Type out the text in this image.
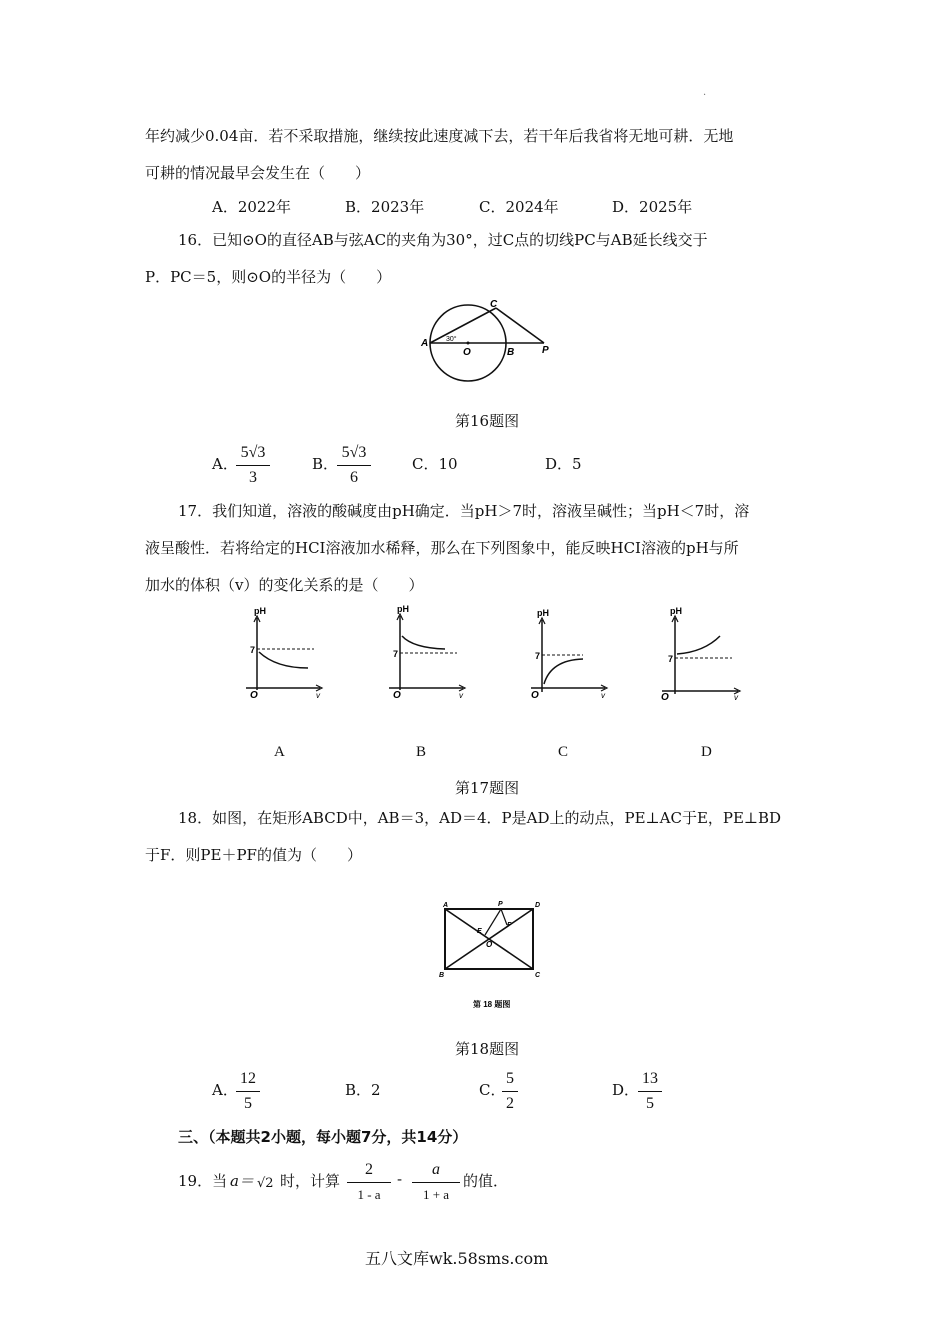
·
年约减少0.04亩．若不采取措施，继续按此速度减下去，若干年后我省将无地可耕．无地
可耕的情况最早会发生在（　　）
A．2022年	B．2023年	C．2024年	D．2025年
16．已知⊙O的直径AB与弦AC的夹角为30°，过C点的切线PC与AB延长线交于
P．PC＝5，则⊙O的半径为（　　）
A
C
O	B	P
30°
第16题图
A．
5√3
3
B．
5√3
6
C．10	D．5
17．我们知道，溶液的酸碱度由pH确定．当pH＞7时，溶液呈碱性；当pH＜7时，溶
液呈酸性．若将给定的HCI溶液加水稀释，那么在下列图象中，能反映HCI溶液的pH与所
加水的体积（v）的变化关系的是（　　）
pH
7
O	v
pH
7
O	v
pH
7
O	v
pH
7
O	v
A	B	C	D
第17题图
18．如图，在矩形ABCD中，AB＝3，AD＝4．P是AD上的动点，PE⊥AC于E，PE⊥BD
于F．则PE＋PF的值为（　　）
A	D
B	C
P
E
F
O
第 18 题图
第18题图
A．
12
5
B．2	C．
5
2
D．
13
5
三、（本题共2小题，每小题7分，共14分）
19．当 a＝ √2 时，计算
2
1 - a
-
a
1 + a
的值．
五八文库wk.58sms.com
